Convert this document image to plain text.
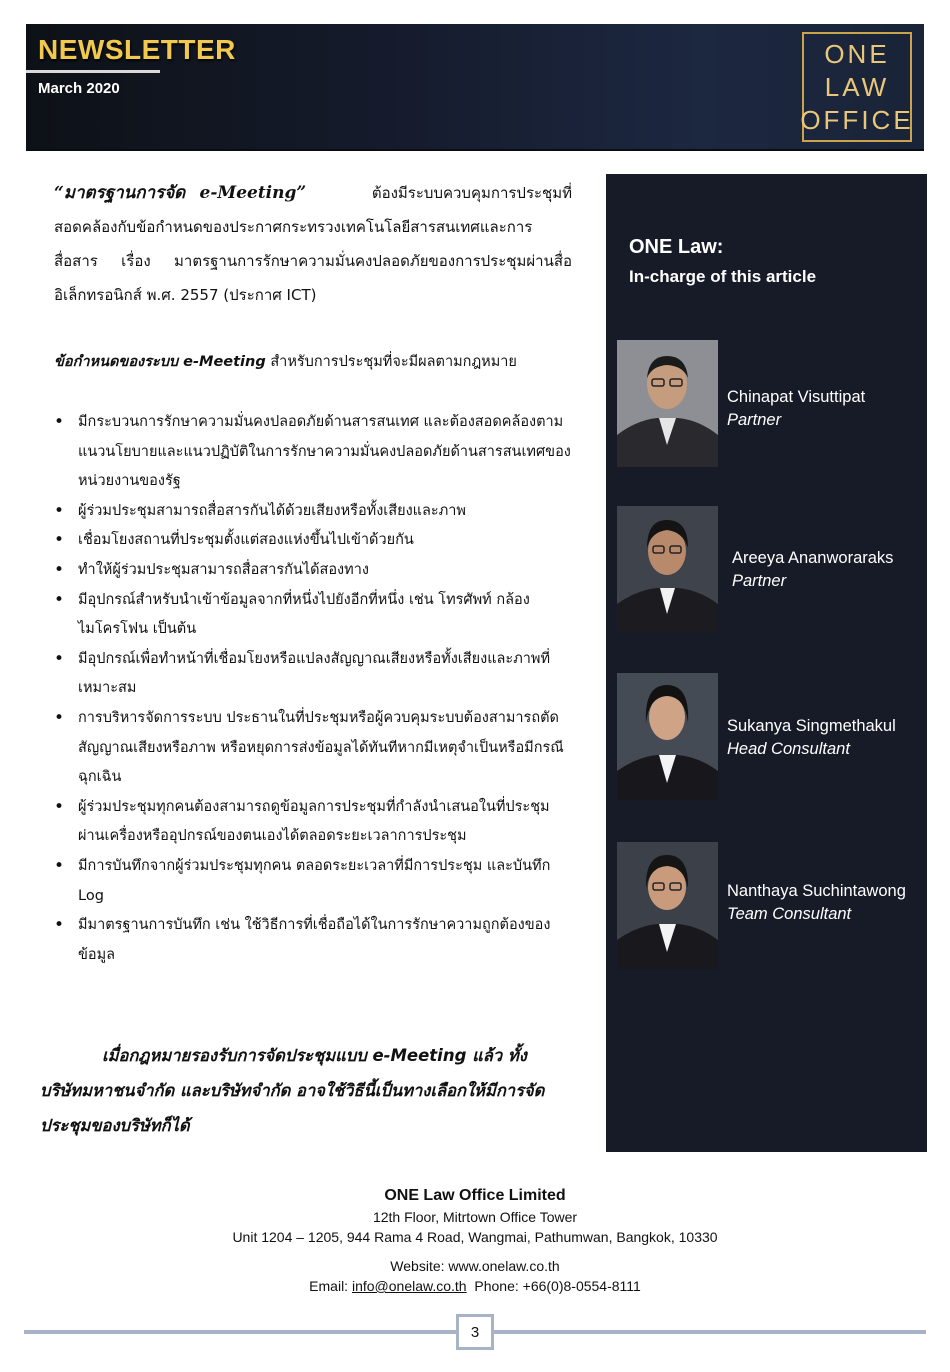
NEWSLETTER
March 2020
ONE
LAW
OFFICE
“มาตรฐานการจัด e-Meeting”	ต้องมีระบบควบคุมการประชุมที่สอดคล้องกับข้อกำหนดของประกาศกระทรวงเทคโนโลยีสารสนเทศและการสื่อสาร เรื่อง มาตรฐานการรักษาความมั่นคงปลอดภัยของการประชุมผ่านสื่ออิเล็กทรอนิกส์ พ.ศ. 2557 (ประกาศ ICT)
ข้อกำหนดของระบบ e-Meeting สำหรับการประชุมที่จะมีผลตามกฎหมาย
• มีกระบวนการรักษาความมั่นคงปลอดภัยด้านสารสนเทศ และต้องสอดคล้องตามแนวนโยบายและแนวปฏิบัติในการรักษาความมั่นคงปลอดภัยด้านสารสนเทศของหน่วยงานของรัฐ
• ผู้ร่วมประชุมสามารถสื่อสารกันได้ด้วยเสียงหรือทั้งเสียงและภาพ
• เชื่อมโยงสถานที่ประชุมตั้งแต่สองแห่งขึ้นไปเข้าด้วยกัน
• ทำให้ผู้ร่วมประชุมสามารถสื่อสารกันได้สองทาง
• มีอุปกรณ์สำหรับนำเข้าข้อมูลจากที่หนึ่งไปยังอีกที่หนึ่ง เช่น โทรศัพท์ กล้อง ไมโครโฟน เป็นต้น
• มีอุปกรณ์เพื่อทำหน้าที่เชื่อมโยงหรือแปลงสัญญาณเสียงหรือทั้งเสียงและภาพที่เหมาะสม
• การบริหารจัดการระบบ ประธานในที่ประชุมหรือผู้ควบคุมระบบต้องสามารถตัด สัญญาณเสียงหรือภาพ หรือหยุดการส่งข้อมูลได้ทันทีหากมีเหตุจำเป็นหรือมีกรณีฉุกเฉิน
• ผู้ร่วมประชุมทุกคนต้องสามารถดูข้อมูลการประชุมที่กำลังนำเสนอในที่ประชุมผ่านเครื่องหรืออุปกรณ์ของตนเองได้ตลอดระยะเวลาการประชุม
• มีการบันทึกจากผู้ร่วมประชุมทุกคน ตลอดระยะเวลาที่มีการประชุม และบันทึก Log
• มีมาตรฐานการบันทึก เช่น ใช้วิธีการที่เชื่อถือได้ในการรักษาความถูกต้องของข้อมูล
เมื่อกฎหมายรองรับการจัดประชุมแบบ e-Meeting แล้ว ทั้งบริษัทมหาชนจำกัด และบริษัทจำกัด อาจใช้วิธีนี้เป็นทางเลือกให้มีการจัดประชุมของบริษัทก็ได้
ONE Law:
In-charge of this article
Chinapat Visuttipat
Partner
Areeya Ananworaraks
Partner
Sukanya Singmethakul
Head Consultant
Nanthaya Suchintawong
Team Consultant
ONE Law Office Limited
12th Floor, Mitrtown Office Tower
Unit 1204 – 1205, 944 Rama 4 Road, Wangmai, Pathumwan, Bangkok, 10330
Website: www.onelaw.co.th
Email: info@onelaw.co.th Phone: +66(0)8-0554-8111
3
